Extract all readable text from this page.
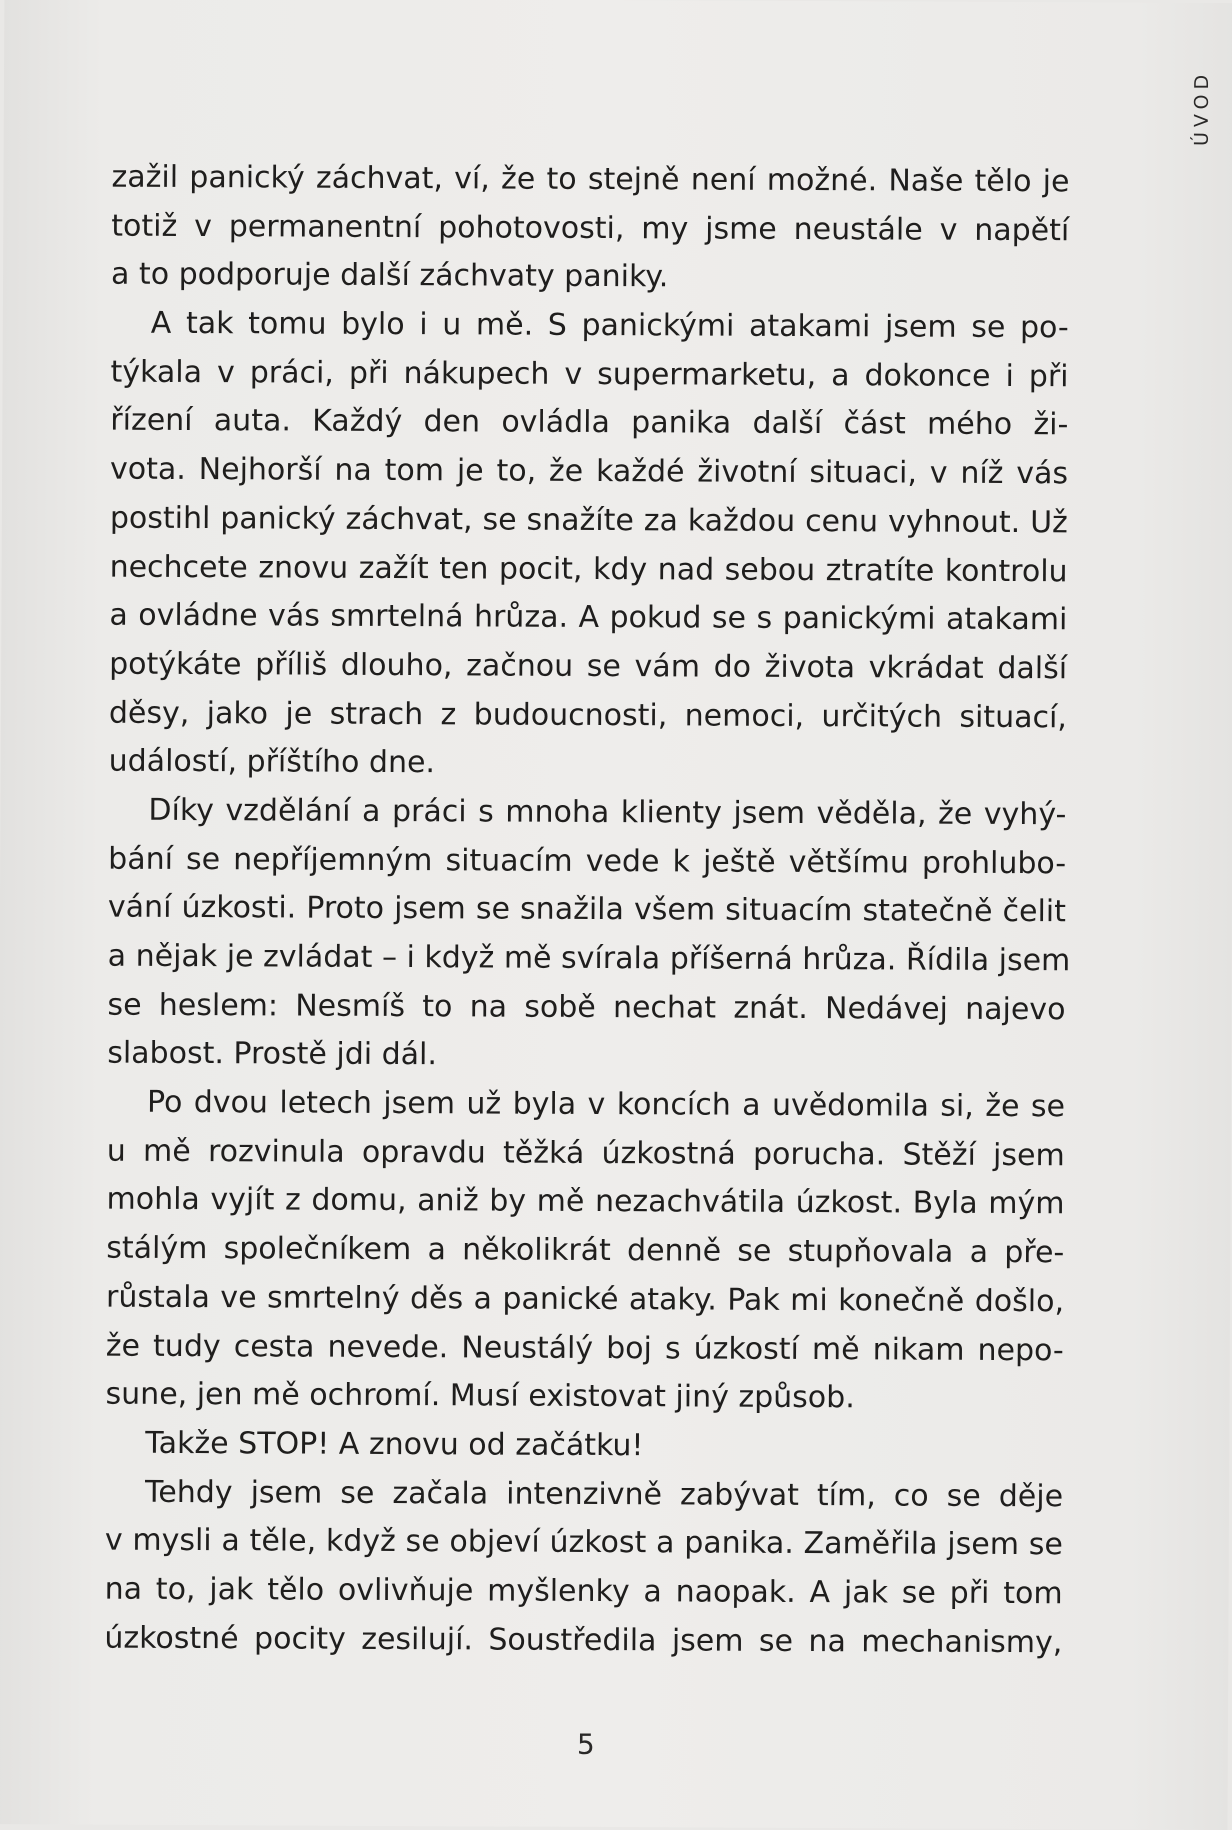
ÚVOD
zažil panický záchvat, ví, že to stejně není možné. Naše tělo je
totiž v permanentní pohotovosti, my jsme neustále v napětí
a to podporuje další záchvaty paniky.
A tak tomu bylo i u mě. S panickými atakami jsem se po-
týkala v práci, při nákupech v supermarketu, a dokonce i při
řízení auta. Každý den ovládla panika další část mého ži-
vota. Nejhorší na tom je to, že každé životní situaci, v níž vás
postihl panický záchvat, se snažíte za každou cenu vyhnout. Už
nechcete znovu zažít ten pocit, kdy nad sebou ztratíte kontrolu
a ovládne vás smrtelná hrůza. A pokud se s panickými atakami
potýkáte příliš dlouho, začnou se vám do života vkrádat další
děsy, jako je strach z budoucnosti, nemoci, určitých situací,
událostí, příštího dne.
Díky vzdělání a práci s mnoha klienty jsem věděla, že vyhý-
bání se nepříjemným situacím vede k ještě většímu prohlubo-
vání úzkosti. Proto jsem se snažila všem situacím statečně čelit
a nějak je zvládat – i když mě svírala příšerná hrůza. Řídila jsem
se heslem: Nesmíš to na sobě nechat znát. Nedávej najevo
slabost. Prostě jdi dál.
Po dvou letech jsem už byla v koncích a uvědomila si, že se
u mě rozvinula opravdu těžká úzkostná porucha. Stěží jsem
mohla vyjít z domu, aniž by mě nezachvátila úzkost. Byla mým
stálým společníkem a několikrát denně se stupňovala a pře-
růstala ve smrtelný děs a panické ataky. Pak mi konečně došlo,
že tudy cesta nevede. Neustálý boj s úzkostí mě nikam nepo-
sune, jen mě ochromí. Musí existovat jiný způsob.
Takže STOP! A znovu od začátku!
Tehdy jsem se začala intenzivně zabývat tím, co se děje
v mysli a těle, když se objeví úzkost a panika. Zaměřila jsem se
na to, jak tělo ovlivňuje myšlenky a naopak. A jak se při tom
úzkostné pocity zesilují. Soustředila jsem se na mechanismy,
5
